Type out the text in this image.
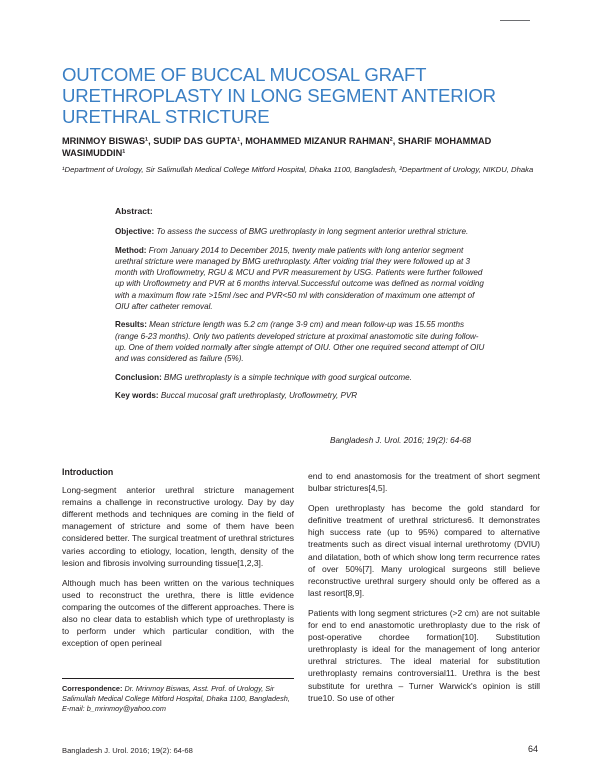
OUTCOME OF BUCCAL MUCOSAL GRAFT
URETHROPLASTY IN LONG SEGMENT ANTERIOR
URETHRAL STRICTURE
MRINMOY BISWAS¹, SUDIP DAS GUPTA¹, MOHAMMED MIZANUR RAHMAN², SHARIF MOHAMMAD WASIMUDDIN¹
¹Department of Urology, Sir Salimullah Medical College Mitford Hospital, Dhaka 1100, Bangladesh, ²Department of Urology, NIKDU, Dhaka
Abstract:

Objective: To assess the success of BMG urethroplasty in long segment anterior urethral stricture.

Method: From January 2014 to December 2015, twenty male patients with long anterior segment urethral stricture were managed by BMG urethroplasty. After voiding trial they were followed up at 3 month with Uroflowmetry, RGU & MCU and PVR measurement by USG. Patients were further followed up with Uroflowmetry and PVR at 6 months interval.Successful outcome was defined as normal voiding with a maximum flow rate >15ml /sec and PVR<50 ml with consideration of maximum one attempt of OIU after catheter removal.

Results: Mean stricture length was 5.2 cm (range 3-9 cm) and mean follow-up was 15.55 months (range 6-23 months). Only two patients developed stricture at proximal anastomotic site during follow-up. One of them voided normally after single attempt of OIU. Other one required second attempt of OIU and was considered as failure (5%).

Conclusion: BMG urethroplasty is a simple technique with good surgical outcome.

Key words: Buccal mucosal graft urethroplasty, Uroflowmetry, PVR

Bangladesh J. Urol. 2016; 19(2): 64-68
Introduction

Long-segment anterior urethral stricture management remains a challenge in reconstructive urology. Day by day different methods and techniques are coming in the field of management of stricture and some of them have been considered better. The surgical treatment of urethral strictures varies according to etiology, location, length, density of the lesion and fibrosis involving surrounding tissue[1,2,3].

Although much has been written on the various techniques used to reconstruct the urethra, there is little evidence comparing the outcomes of the different approaches. There is also no clear data to establish which type of urethroplasty is to perform under which particular condition, with the exception of open perineal

end to end anastomosis for the treatment of short segment bulbar strictures[4,5].

Open urethroplasty has become the gold standard for definitive treatment of urethral strictures6. It demonstrates high success rate (up to 95%) compared to alternative treatments such as direct visual internal urethrotomy (DVIU) and dilatation, both of which show long term recurrence rates of over 50%[7]. Many urological surgeons still believe reconstructive urethral surgery should only be offered as a last resort[8,9].

Patients with long segment strictures (>2 cm) are not suitable for end to end anastomotic urethroplasty due to the risk of post-operative chordee formation[10]. Substitution urethroplasty is ideal for the management of long anterior urethral strictures. The ideal material for substitution urethroplasty remains controversial11. Urethra is the best substitute for urethra – Turner Warwick's opinion is still true10. So use of other

Correspondence: Dr. Mrinmoy Biswas, Asst. Prof. of Urology, Sir Salimullah Medical College Mitford Hospital, Dhaka 1100, Bangladesh, E-mail: b_mrinmoy@yahoo.com
Bangladesh J. Urol. 2016; 19(2): 64-68	64
